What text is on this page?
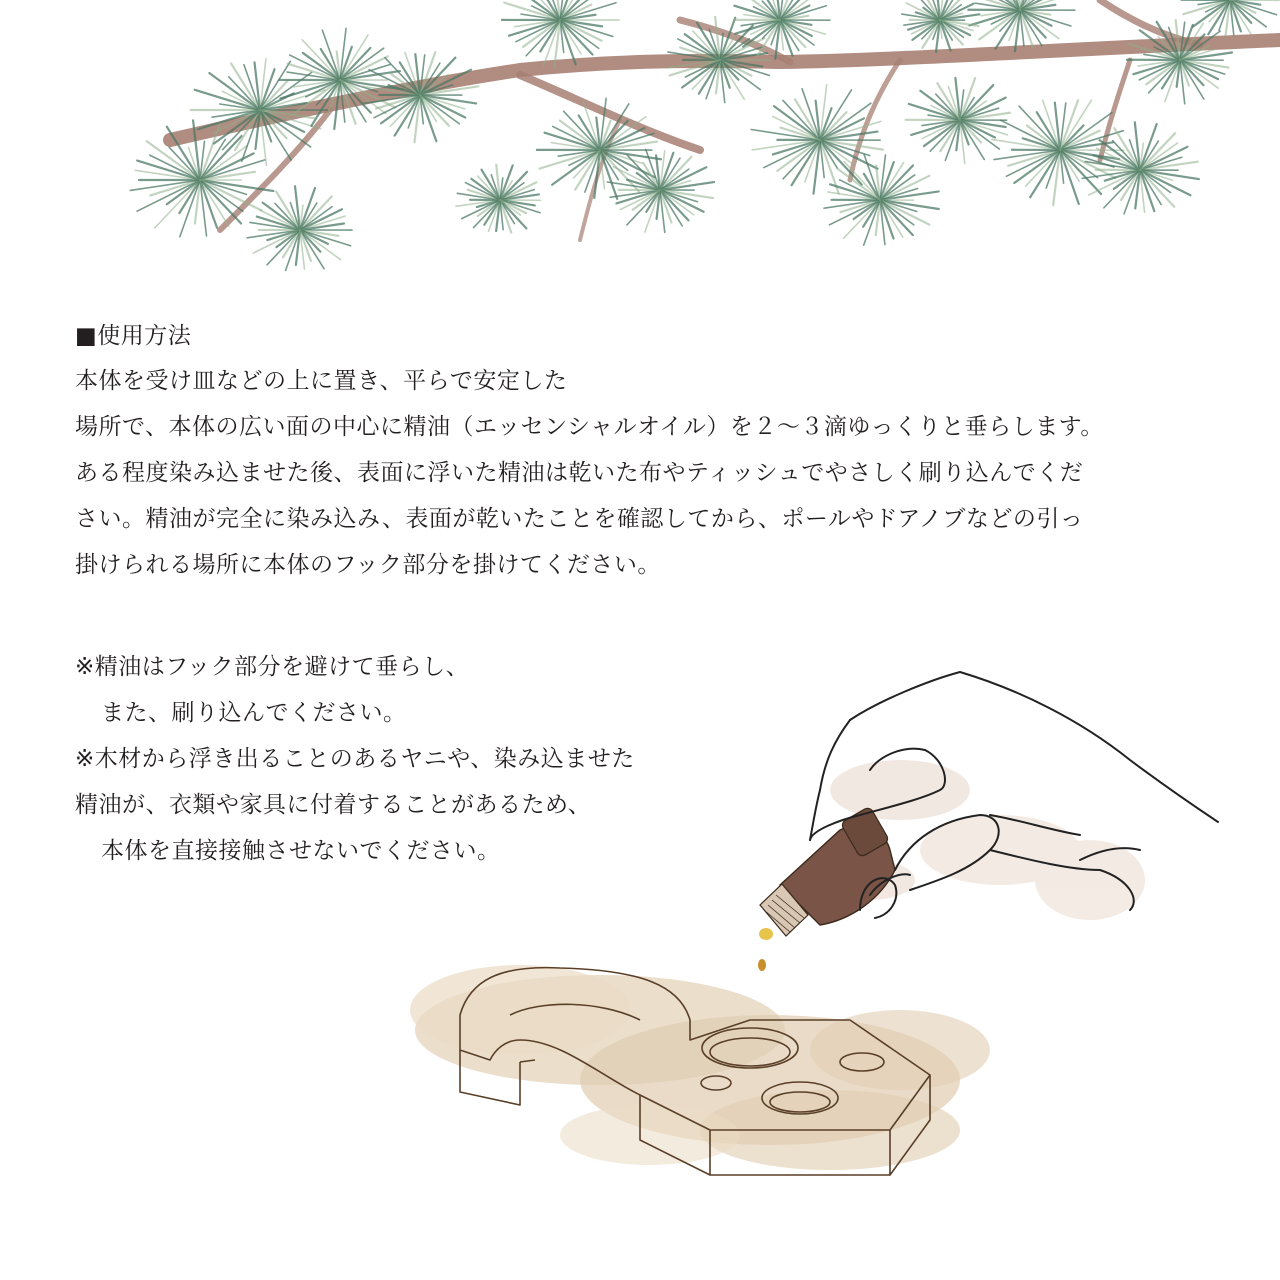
■使用方法
本体を受け皿などの上に置き、平らで安定した
場所で、本体の広い面の中心に精油（エッセンシャルオイル）を２～３滴ゆっくりと垂らします。
ある程度染み込ませた後、表面に浮いた精油は乾いた布やティッシュでやさしく刷り込んでくだ
さい。精油が完全に染み込み、表面が乾いたことを確認してから、ポールやドアノブなどの引っ
掛けられる場所に本体のフック部分を掛けてください。
※精油はフック部分を避けて垂らし、
また、刷り込んでください。
※木材から浮き出ることのあるヤニや、染み込ませた
精油が、衣類や家具に付着することがあるため、
本体を直接接触させないでください。
